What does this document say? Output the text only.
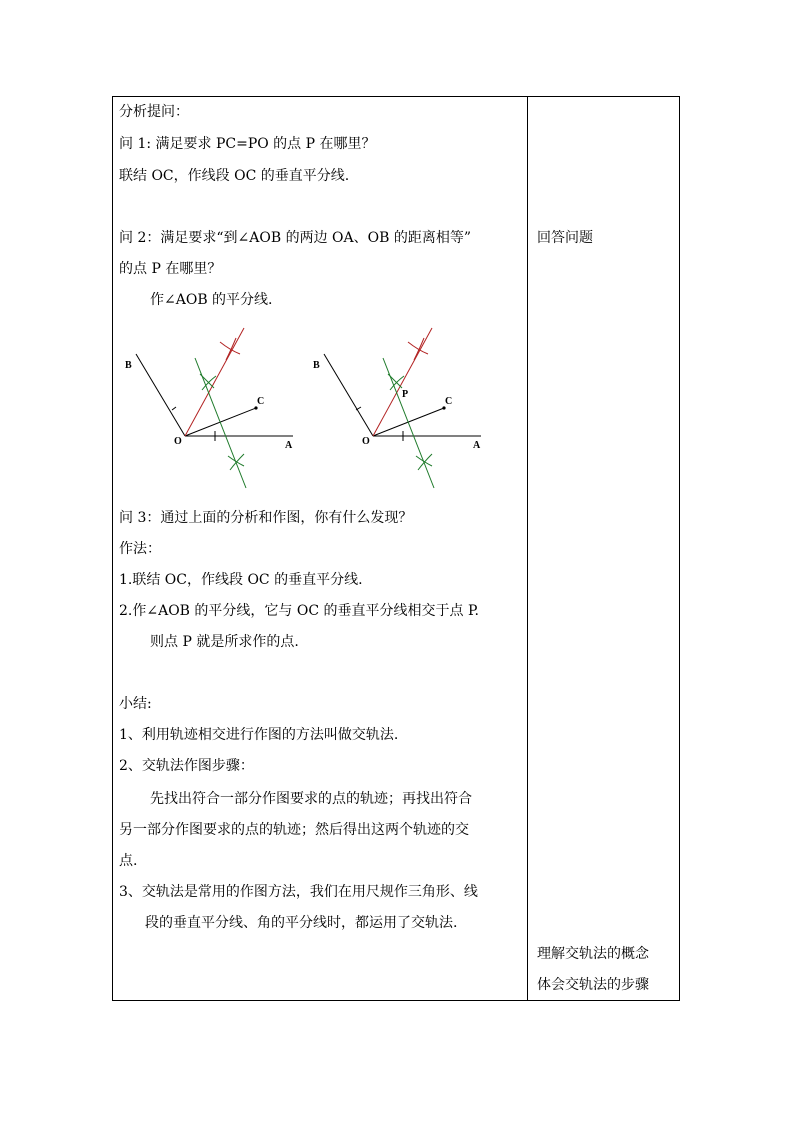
分析提问：
问 1: 满足要求 PC=PO 的点 P 在哪里？
联结 OC，作线段 OC 的垂直平分线.
问 2：满足要求“到∠AOB 的两边 OA、OB 的距离相等”
的点 P 在哪里？
作∠AOB 的平分线.
B
C
O	A
B
P
C
O	A
问 3：通过上面的分析和作图，你有什么发现？
作法：
1.联结 OC，作线段 OC 的垂直平分线.
2.作∠AOB 的平分线，它与 OC 的垂直平分线相交于点 P.
则点 P 就是所求作的点.
小结:
1、利用轨迹相交进行作图的方法叫做交轨法.
2、交轨法作图步骤：
先找出符合一部分作图要求的点的轨迹；再找出符合
另一部分作图要求的点的轨迹；然后得出这两个轨迹的交
点.
3、交轨法是常用的作图方法，我们在用尺规作三角形、线
段的垂直平分线、角的平分线时，都运用了交轨法.
回答问题
理解交轨法的概念
体会交轨法的步骤
